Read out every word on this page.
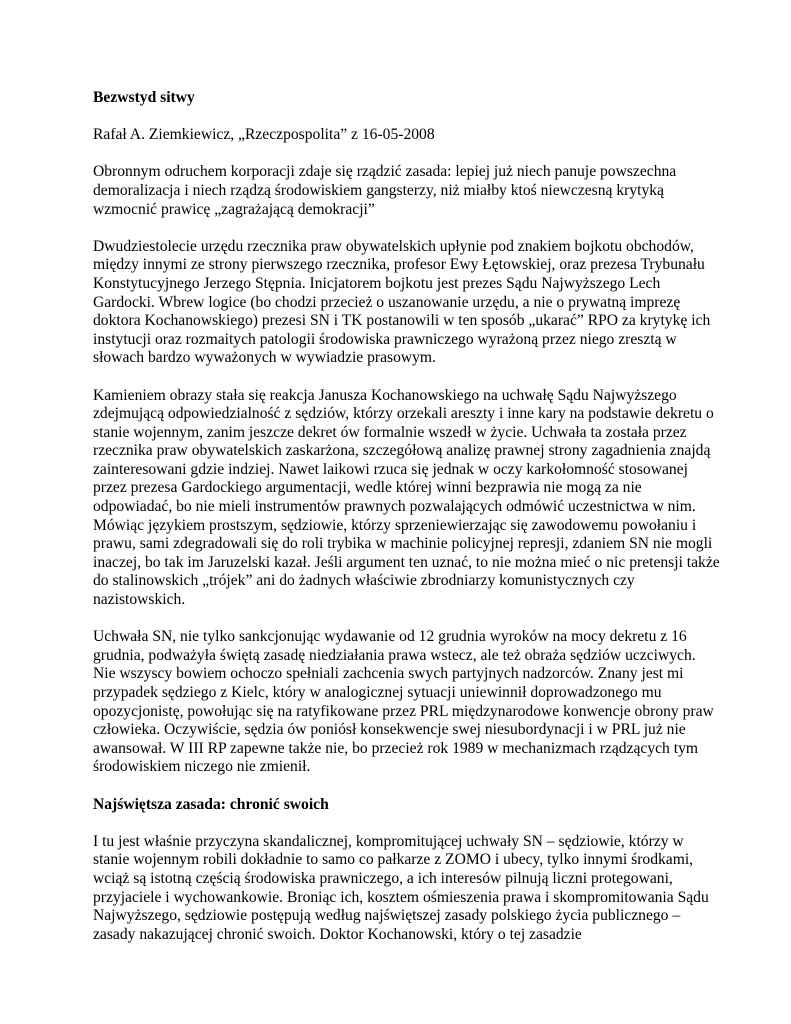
Bezwstyd sitwy

Rafał A. Ziemkiewicz, „Rzeczpospolita” z 16-05-2008

Obronnym odruchem korporacji zdaje się rządzić zasada: lepiej już niech panuje powszechna demoralizacja i niech rządzą środowiskiem gangsterzy, niż miałby ktoś niewczesną krytyką wzmocnić prawicę „zagrażającą demokracji”

Dwudziestolecie urzędu rzecznika praw obywatelskich upłynie pod znakiem bojkotu obchodów, między innymi ze strony pierwszego rzecznika, profesor Ewy Łętowskiej, oraz prezesa Trybunału Konstytucyjnego Jerzego Stępnia. Inicjatorem bojkotu jest prezes Sądu Najwyższego Lech Gardocki. Wbrew logice (bo chodzi przecież o uszanowanie urzędu, a nie o prywatną imprezę doktora Kochanowskiego) prezesi SN i TK postanowili w ten sposób „ukarać” RPO za krytykę ich instytucji oraz rozmaitych patologii środowiska prawniczego wyrażoną przez niego zresztą w słowach bardzo wyważonych w wywiadzie prasowym.

Kamieniem obrazy stała się reakcja Janusza Kochanowskiego na uchwałę Sądu Najwyższego zdejmującą odpowiedzialność z sędziów, którzy orzekali areszty i inne kary na podstawie dekretu o stanie wojennym, zanim jeszcze dekret ów formalnie wszedł w życie. Uchwała ta została przez rzecznika praw obywatelskich zaskarżona, szczegółową analizę prawnej strony zagadnienia znajdą zainteresowani gdzie indziej. Nawet laikowi rzuca się jednak w oczy karkołomność stosowanej przez prezesa Gardockiego argumentacji, wedle której winni bezprawia nie mogą za nie odpowiadać, bo nie mieli instrumentów prawnych pozwalających odmówić uczestnictwa w nim. Mówiąc językiem prostszym, sędziowie, którzy sprzeniewierzając się zawodowemu powołaniu i prawu, sami zdegradowali się do roli trybika w machinie policyjnej represji, zdaniem SN nie mogli inaczej, bo tak im Jaruzelski kazał. Jeśli argument ten uznać, to nie można mieć o nic pretensji także do stalinowskich „trójek” ani do żadnych właściwie zbrodniarzy komunistycznych czy nazistowskich.

Uchwała SN, nie tylko sankcjonując wydawanie od 12 grudnia wyroków na mocy dekretu z 16 grudnia, podważyła świętą zasadę niedziałania prawa wstecz, ale też obraża sędziów uczciwych. Nie wszyscy bowiem ochoczo spełniali zachcenia swych partyjnych nadzorców. Znany jest mi przypadek sędziego z Kielc, który w analogicznej sytuacji uniewinnił doprowadzonego mu opozycjonistę, powołując się na ratyfikowane przez PRL międzynarodowe konwencje obrony praw człowieka. Oczywiście, sędzia ów poniósł konsekwencje swej niesubordynacji i w PRL już nie awansował. W III RP zapewne także nie, bo przecież rok 1989 w mechanizmach rządzących tym środowiskiem niczego nie zmienił.

Najświętsza zasada: chronić swoich

I tu jest właśnie przyczyna skandalicznej, kompromitującej uchwały SN – sędziowie, którzy w stanie wojennym robili dokładnie to samo co pałkarze z ZOMO i ubecy, tylko innymi środkami, wciąż są istotną częścią środowiska prawniczego, a ich interesów pilnują liczni protegowani, przyjaciele i wychowankowie. Broniąc ich, kosztem ośmieszenia prawa i skompromitowania Sądu Najwyższego, sędziowie postępują według najświętszej zasady polskiego życia publicznego – zasady nakazującej chronić swoich. Doktor Kochanowski, który o tej zasadzie
